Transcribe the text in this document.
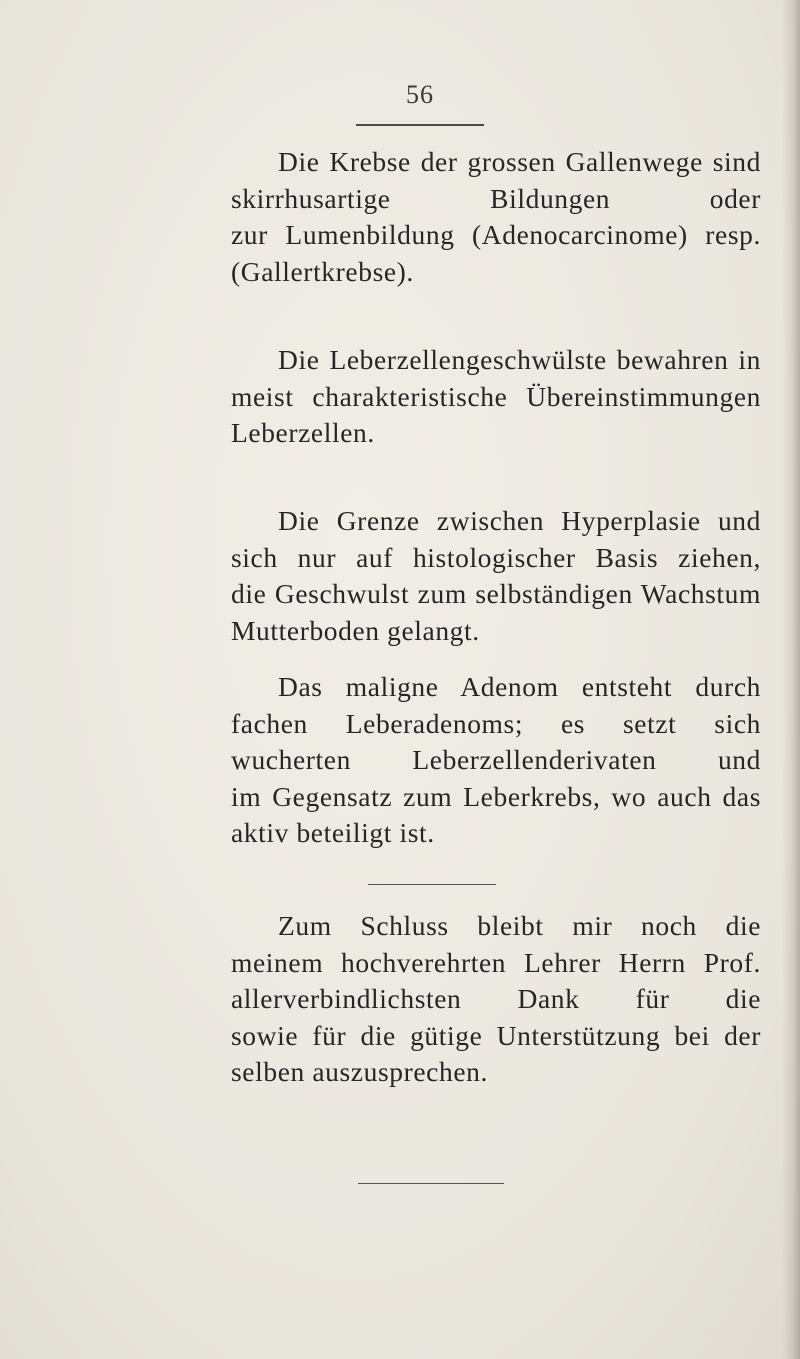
56
Die Krebse der grossen Gallenwege sind
skirrhusartige Bildungen oder
zur Lumenbildung (Adenocarcinome) resp.
(Gallertkrebse).
Die Leberzellengeschwülste bewahren in
meist charakteristische Übereinstimmungen
Leberzellen.
Die Grenze zwischen Hyperplasie und
sich nur auf histologischer Basis ziehen,
die Geschwulst zum selbständigen Wachstum
Mutterboden gelangt.
Das maligne Adenom entsteht durch
fachen Leberadenoms; es setzt sich
wucherten Leberzellenderivaten und
im Gegensatz zum Leberkrebs, wo auch das
aktiv beteiligt ist.
Zum Schluss bleibt mir noch die
meinem hochverehrten Lehrer Herrn Prof.
allerverbindlichsten Dank für die
sowie für die gütige Unterstützung bei der
selben auszusprechen.
